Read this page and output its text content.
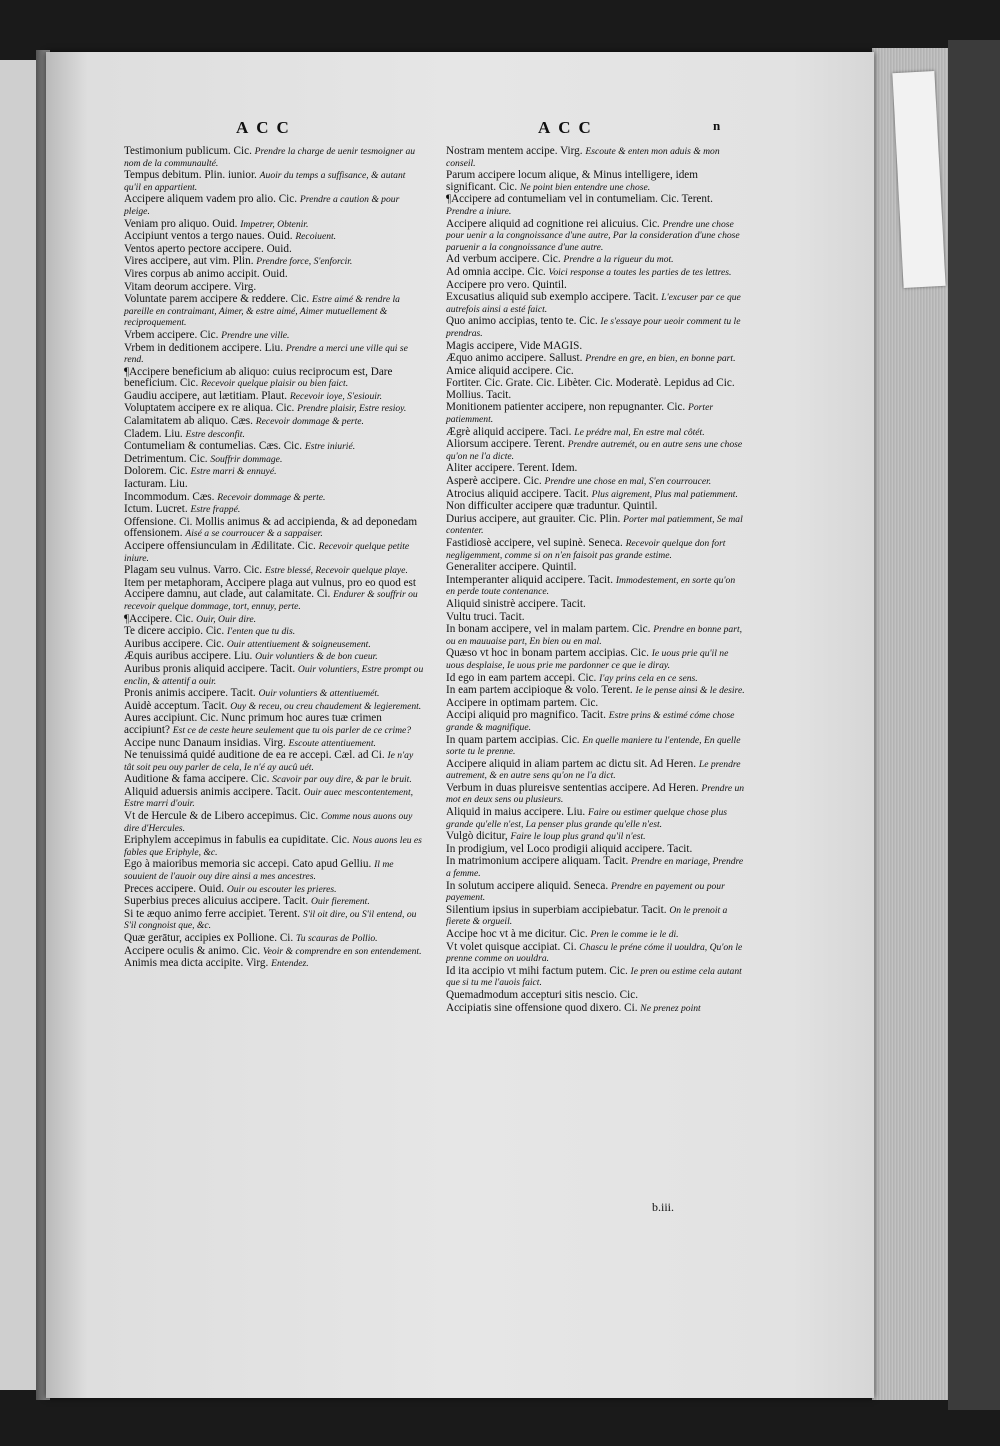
ACC	ACC	n
Testimonium publicum. Cic. Prendre la charge de uenir tesmoigner au nom de la communaulté.
Tempus debitum. Plin. iunior. Auoir du temps a suffisance, & autant qu'il en appartient.
Accipere aliquem vadem pro alio. Cic. Prendre a caution & pour pleige.
Veniam pro aliquo. Ouid. Impetrer, Obtenir.
Accipiunt ventos a tergo naues. Ouid. Recoiuent.
Ventos aperto pectore accipere. Ouid.
Vires accipere, aut vim. Plin. Prendre force, S'enforcir.
Vires corpus ab animo accipit. Ouid.
Vitam deorum accipere. Virg.
Voluntate parem accipere & reddere. Cic. Estre aimé & rendre la pareille en contraimant, Aimer, & estre aimé, Aimer mutuellement & reciproquement.
Vrbem accipere. Cic. Prendre une ville.
Vrbem in deditionem accipere. Liu. Prendre a merci une ville qui se rend.
¶Accipere beneficium ab aliquo: cuius reciprocum est, Dare beneficium. Cic. Recevoir quelque plaisir ou bien faict.
Gaudiu accipere, aut lætitiam. Plaut. Recevoir ioye, S'esiouir.
Voluptatem accipere ex re aliqua. Cic. Prendre plaisir, Estre resioy.
Calamitatem ab aliquo. Cæs. Recevoir dommage & perte.
Cladem. Liu. Estre desconfit.
Contumeliam & contumelias. Cæs. Cic. Estre iniurié.
Detrimentum. Cic. Souffrir dommage.
Dolorem. Cic. Estre marri & ennuyé.
Iacturam. Liu.
Incommodum. Cæs. Recevoir dommage & perte.
Ictum. Lucret. Estre frappé.
Offensione. Ci. Mollis animus & ad accipienda, & ad deponedam offensionem. Aisé a se courroucer & a sappaiser.
Accipere offensiunculam in Ædilitate. Cic. Recevoir quelque petite iniure.
Plagam seu vulnus. Varro. Cic. Estre blessé, Recevoir quelque playe.
Item per metaphoram, Accipere plaga aut vulnus, pro eo quod est Accipere damnu, aut clade, aut calamitate. Ci. Endurer & souffrir ou recevoir quelque dommage, tort, ennuy, perte.
¶Accipere. Cic. Ouir, Ouir dire.
Te dicere accipio. Cic. I'enten que tu dis.
Auribus accipere. Cic. Ouir attentiuement & soigneusement.
Æquis auribus accipere. Liu. Ouir voluntiers & de bon cueur.
Auribus pronis aliquid accipere. Tacit. Ouir voluntiers, Estre prompt ou enclin, & attentif a ouir.
Pronis animis accipere. Tacit. Ouir voluntiers & attentiuemét.
Auidè acceptum. Tacit. Ouy & receu, ou creu chaudement & legierement.
Aures accipiunt. Cic. Nunc primum hoc aures tuæ crimen accipiunt? Est ce de ceste heure seulement que tu ois parler de ce crime?
Accipe nunc Danaum insidias. Virg. Escoute attentiuement.
Ne tenuissimá quidé auditione de ea re accepi. Cæl. ad Ci. Ie n'ay tât soit peu ouy parler de cela, Ie n'é ay aucû uét.
Auditione & fama accipere. Cic. Scavoir par ouy dire, & par le bruit.
Aliquid aduersis animis accipere. Tacit. Ouir auec mescontentement, Estre marri d'ouir.
Vt de Hercule & de Libero accepimus. Cic. Comme nous auons ouy dire d'Hercules.
Eriphylem accepimus in fabulis ea cupiditate. Cic. Nous auons leu es fables que Eriphyle, &c.
Ego à maioribus memoria sic accepi. Cato apud Gelliu. Il me souuient de l'auoir ouy dire ainsi a mes ancestres.
Preces accipere. Ouid. Ouir ou escouter les prieres.
Superbius preces alicuius accipere. Tacit. Ouir fierement.
Si te æquo animo ferre accipiet. Terent. S'il oit dire, ou S'il entend, ou S'il congnoist que, &c.
Quæ gerātur, accipies ex Pollione. Ci. Tu scauras de Pollio.
Accipere oculis & animo. Cic. Veoir & comprendre en son entendement.
Animis mea dicta accipite. Virg. Entendez.
Nostram mentem accipe. Virg. Escoute & enten mon aduis & mon conseil.
Parum accipere locum alique, & Minus intelligere, idem significant. Cic. Ne point bien entendre une chose.
¶Accipere ad contumeliam vel in contumeliam. Cic. Terent. Prendre a iniure.
Accipere aliquid ad cognitione rei alicuius. Cic. Prendre une chose pour uenir a la congnoissance d'une autre, Par la consideration d'une chose paruenir a la congnoissance d'une autre.
Ad verbum accipere. Cic. Prendre a la rigueur du mot.
Ad omnia accipe. Cic. Voici response a toutes les parties de tes lettres.
Accipere pro vero. Quintil.
Excusatius aliquid sub exemplo accipere. Tacit. L'excuser par ce que autrefois ainsi a esté faict.
Quo animo accipias, tento te. Cic. Ie s'essaye pour ueoir comment tu le prendras.
Magis accipere, Vide MAGIS.
Æquo animo accipere. Sallust. Prendre en gre, en bien, en bonne part.
Amice aliquid accipere. Cic.
Fortiter. Cic. Grate. Cic. Libèter. Cic. Moderatè. Lepidus ad Cic. Mollius. Tacit.
Monitionem patienter accipere, non repugnanter. Cic. Porter patiemment.
Ægrè aliquid accipere. Taci. Le prédre mal, En estre mal côtét.
Aliorsum accipere. Terent. Prendre autremét, ou en autre sens une chose qu'on ne l'a dicte.
Aliter accipere. Terent. Idem.
Asperè accipere. Cic. Prendre une chose en mal, S'en courroucer.
Atrocius aliquid accipere. Tacit. Plus aigrement, Plus mal patiemment.
Non difficulter accipere quæ traduntur. Quintil.
Durius accipere, aut grauiter. Cic. Plin. Porter mal patiemment, Se mal contenter.
Fastidiosè accipere, vel supinè. Seneca. Recevoir quelque don fort negligemment, comme si on n'en faisoit pas grande estime.
Generaliter accipere. Quintil.
Intemperanter aliquid accipere. Tacit. Immodestement, en sorte qu'on en perde toute contenance.
Aliquid sinistrè accipere. Tacit.
Vultu truci. Tacit.
In bonam accipere, vel in malam partem. Cic. Prendre en bonne part, ou en mauuaise part, En bien ou en mal.
Quæso vt hoc in bonam partem accipias. Cic. Ie uous prie qu'il ne uous desplaise, Ie uous prie me pardonner ce que ie diray.
Id ego in eam partem accepi. Cic. I'ay prins cela en ce sens.
In eam partem accipioque & volo. Terent. Ie le pense ainsi & le desire.
Accipere in optimam partem. Cic.
Accipi aliquid pro magnifico. Tacit. Estre prins & estimé cóme chose grande & magnifique.
In quam partem accipias. Cic. En quelle maniere tu l'entende, En quelle sorte tu le prenne.
Accipere aliquid in aliam partem ac dictu sit. Ad Heren. Le prendre autrement, & en autre sens qu'on ne l'a dict.
Verbum in duas plureisve sententias accipere. Ad Heren. Prendre un mot en deux sens ou plusieurs.
Aliquid in maius accipere. Liu. Faire ou estimer quelque chose plus grande qu'elle n'est, La penser plus grande qu'elle n'est.
Vulgò dicitur, Faire le loup plus grand qu'il n'est.
In prodigium, vel Loco prodigii aliquid accipere. Tacit.
In matrimonium accipere aliquam. Tacit. Prendre en mariage, Prendre a femme.
In solutum accipere aliquid. Seneca. Prendre en payement ou pour payement.
Silentium ipsius in superbiam accipiebatur. Tacit. On le prenoit a fierete & orgueil.
Accipe hoc vt à me dicitur. Cic. Pren le comme ie le di.
Vt volet quisque accipiat. Ci. Chascu le préne cóme il uouldra, Qu'on le prenne comme on uouldra.
Id ita accipio vt mihi factum putem. Cic. Ie pren ou estime cela autant que si tu me l'auois faict.
Quemadmodum accepturi sitis nescio. Cic.
Accipiatis sine offensione quod dixero. Ci. Ne prenez point
b.iii.
